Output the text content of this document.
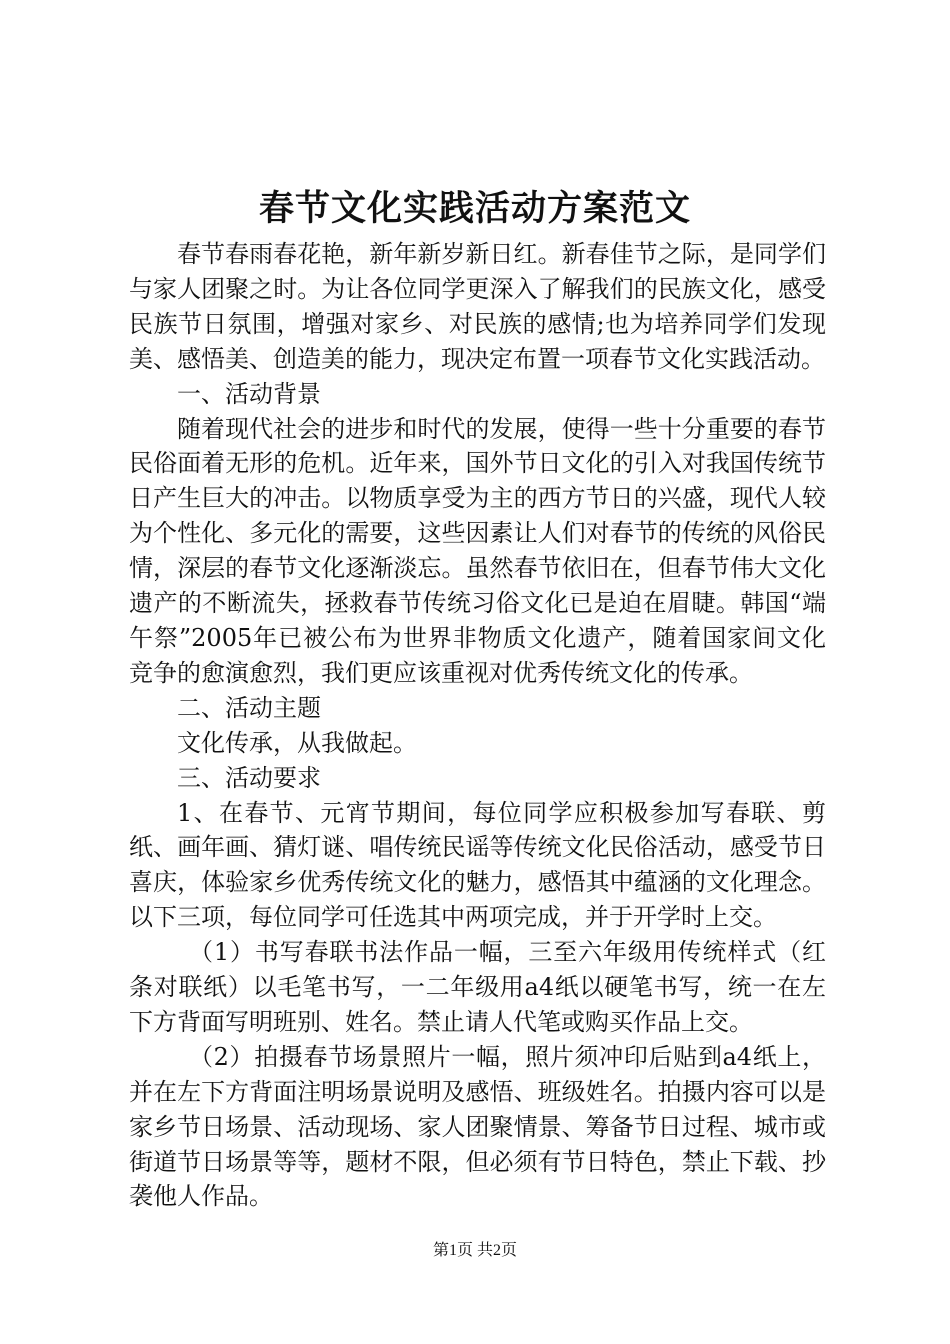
春节文化实践活动方案范文

春节春雨春花艳，新年新岁新日红。新春佳节之际，是同学们与家人团聚之时。为让各位同学更深入了解我们的民族文化，感受民族节日氛围，增强对家乡、对民族的感情;也为培养同学们发现美、感悟美、创造美的能力，现决定布置一项春节文化实践活动。

一、活动背景

随着现代社会的进步和时代的发展，使得一些十分重要的春节民俗面着无形的危机。近年来，国外节日文化的引入对我国传统节日产生巨大的冲击。以物质享受为主的西方节日的兴盛，现代人较为个性化、多元化的需要，这些因素让人们对春节的传统的风俗民情，深层的春节文化逐渐淡忘。虽然春节依旧在，但春节伟大文化遗产的不断流失，拯救春节传统习俗文化已是迫在眉睫。韩国“端午祭”2005年已被公布为世界非物质文化遗产，随着国家间文化竞争的愈演愈烈，我们更应该重视对优秀传统文化的传承。

二、活动主题

文化传承，从我做起。

三、活动要求

1、在春节、元宵节期间，每位同学应积极参加写春联、剪纸、画年画、猜灯谜、唱传统民谣等传统文化民俗活动，感受节日喜庆，体验家乡优秀传统文化的魅力，感悟其中蕴涵的文化理念。以下三项，每位同学可任选其中两项完成，并于开学时上交。

（1）书写春联书法作品一幅，三至六年级用传统样式（红条对联纸）以毛笔书写，一二年级用a4纸以硬笔书写，统一在左下方背面写明班别、姓名。禁止请人代笔或购买作品上交。

（2）拍摄春节场景照片一幅，照片须冲印后贴到a4纸上，并在左下方背面注明场景说明及感悟、班级姓名。拍摄内容可以是家乡节日场景、活动现场、家人团聚情景、筹备节日过程、城市或街道节日场景等等，题材不限，但必须有节日特色，禁止下载、抄袭他人作品。

第1页 共2页
